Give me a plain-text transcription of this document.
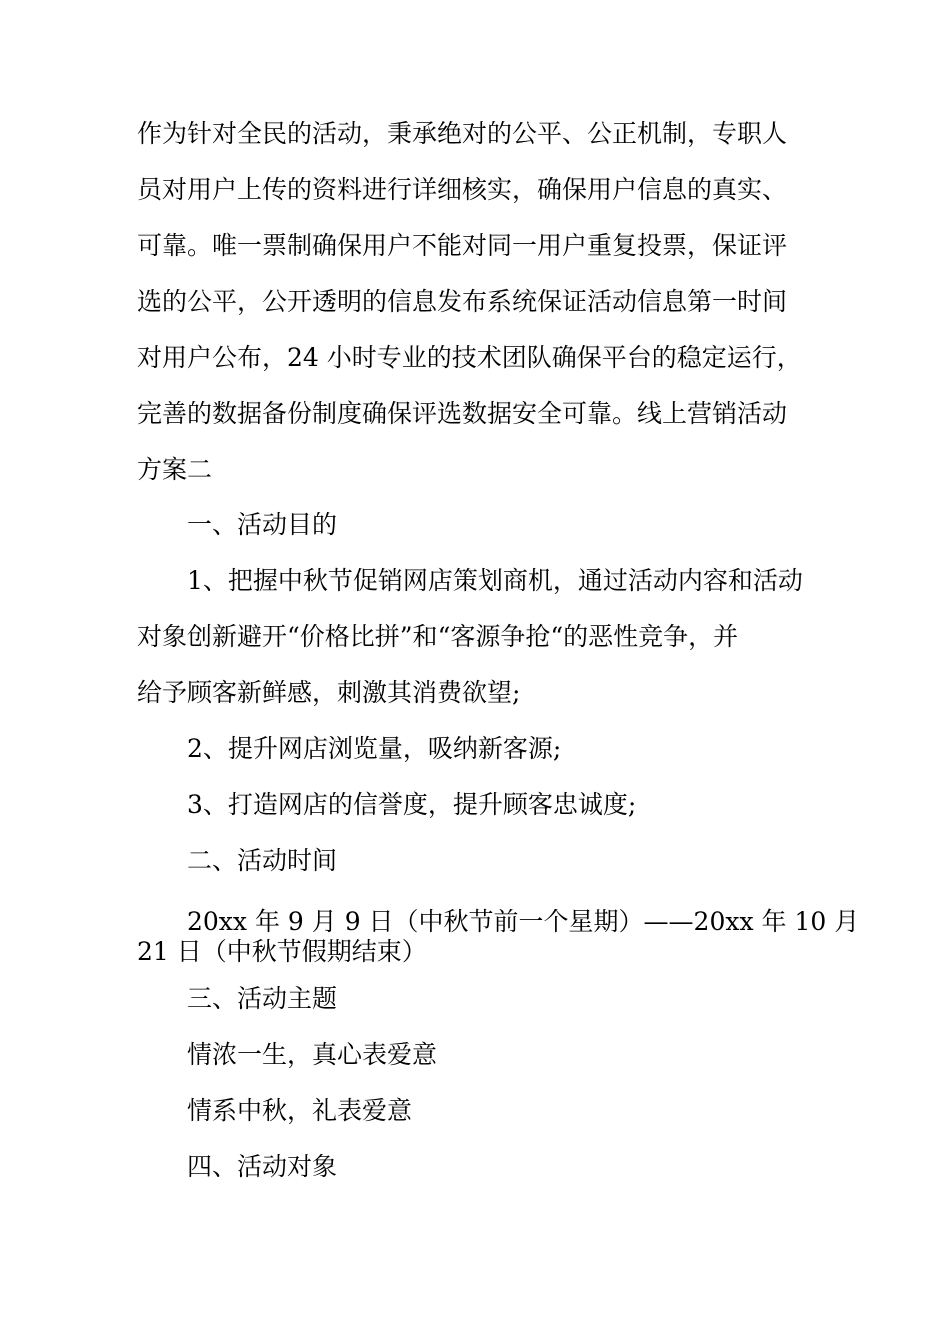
作为针对全民的活动，秉承绝对的公平、公正机制，专职人
员对用户上传的资料进行详细核实，确保用户信息的真实、
可靠。唯一票制确保用户不能对同一用户重复投票，保证评
选的公平，公开透明的信息发布系统保证活动信息第一时间
对用户公布，24 小时专业的技术团队确保平台的稳定运行，
完善的数据备份制度确保评选数据安全可靠。线上营销活动
方案二
一、活动目的
1、把握中秋节促销网店策划商机，通过活动内容和活动
对象创新避开“价格比拼”和“客源争抢“的恶性竞争，并
给予顾客新鲜感，刺激其消费欲望;
2、提升网店浏览量，吸纳新客源;
3、打造网店的信誉度，提升顾客忠诚度;
二、活动时间
20xx 年 9 月 9 日（中秋节前一个星期）——20xx 年 10 月
21 日（中秋节假期结束）
三、活动主题
情浓一生，真心表爱意
情系中秋，礼表爱意
四、活动对象
